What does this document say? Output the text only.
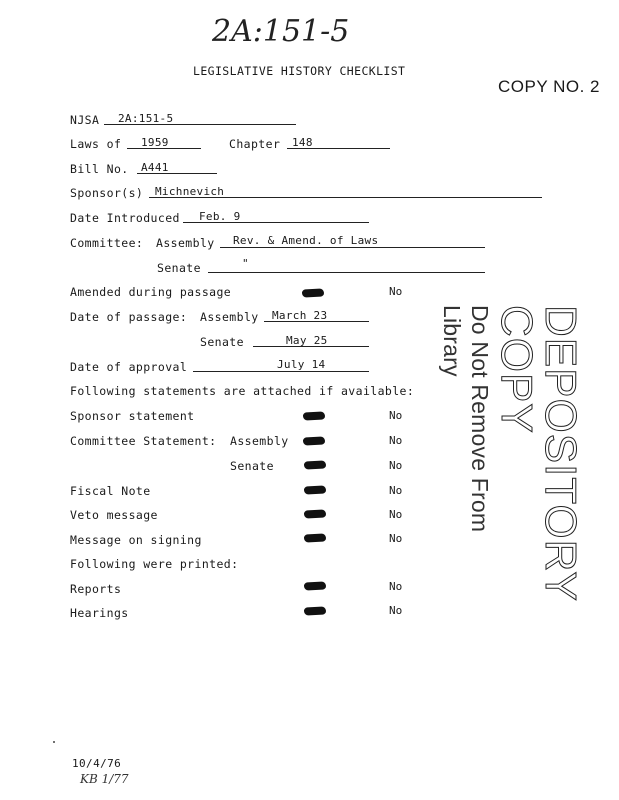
2A:151-5
LEGISLATIVE HISTORY CHECKLIST
COPY NO. 2
NJSA 2A:151-5
Laws of 1959	Chapter 148
Bill No. A441
Sponsor(s) Michnevich
Date Introduced Feb. 9
Committee: Assembly Rev. & Amend. of Laws
Senate	"
Amended during passage	No
Date of passage: Assembly March 23
Senate	May 25
Date of approval	July 14
Following statements are attached if available:
Sponsor statement	No
Committee Statement: Assembly	No
Senate	No
Fiscal Note	No
Veto message	No
Message on signing	No
Following were printed:
Reports	No
Hearings	No
DEPOSITORY COPY
Do Not Remove From Library
10/4/76
KB 1/77
